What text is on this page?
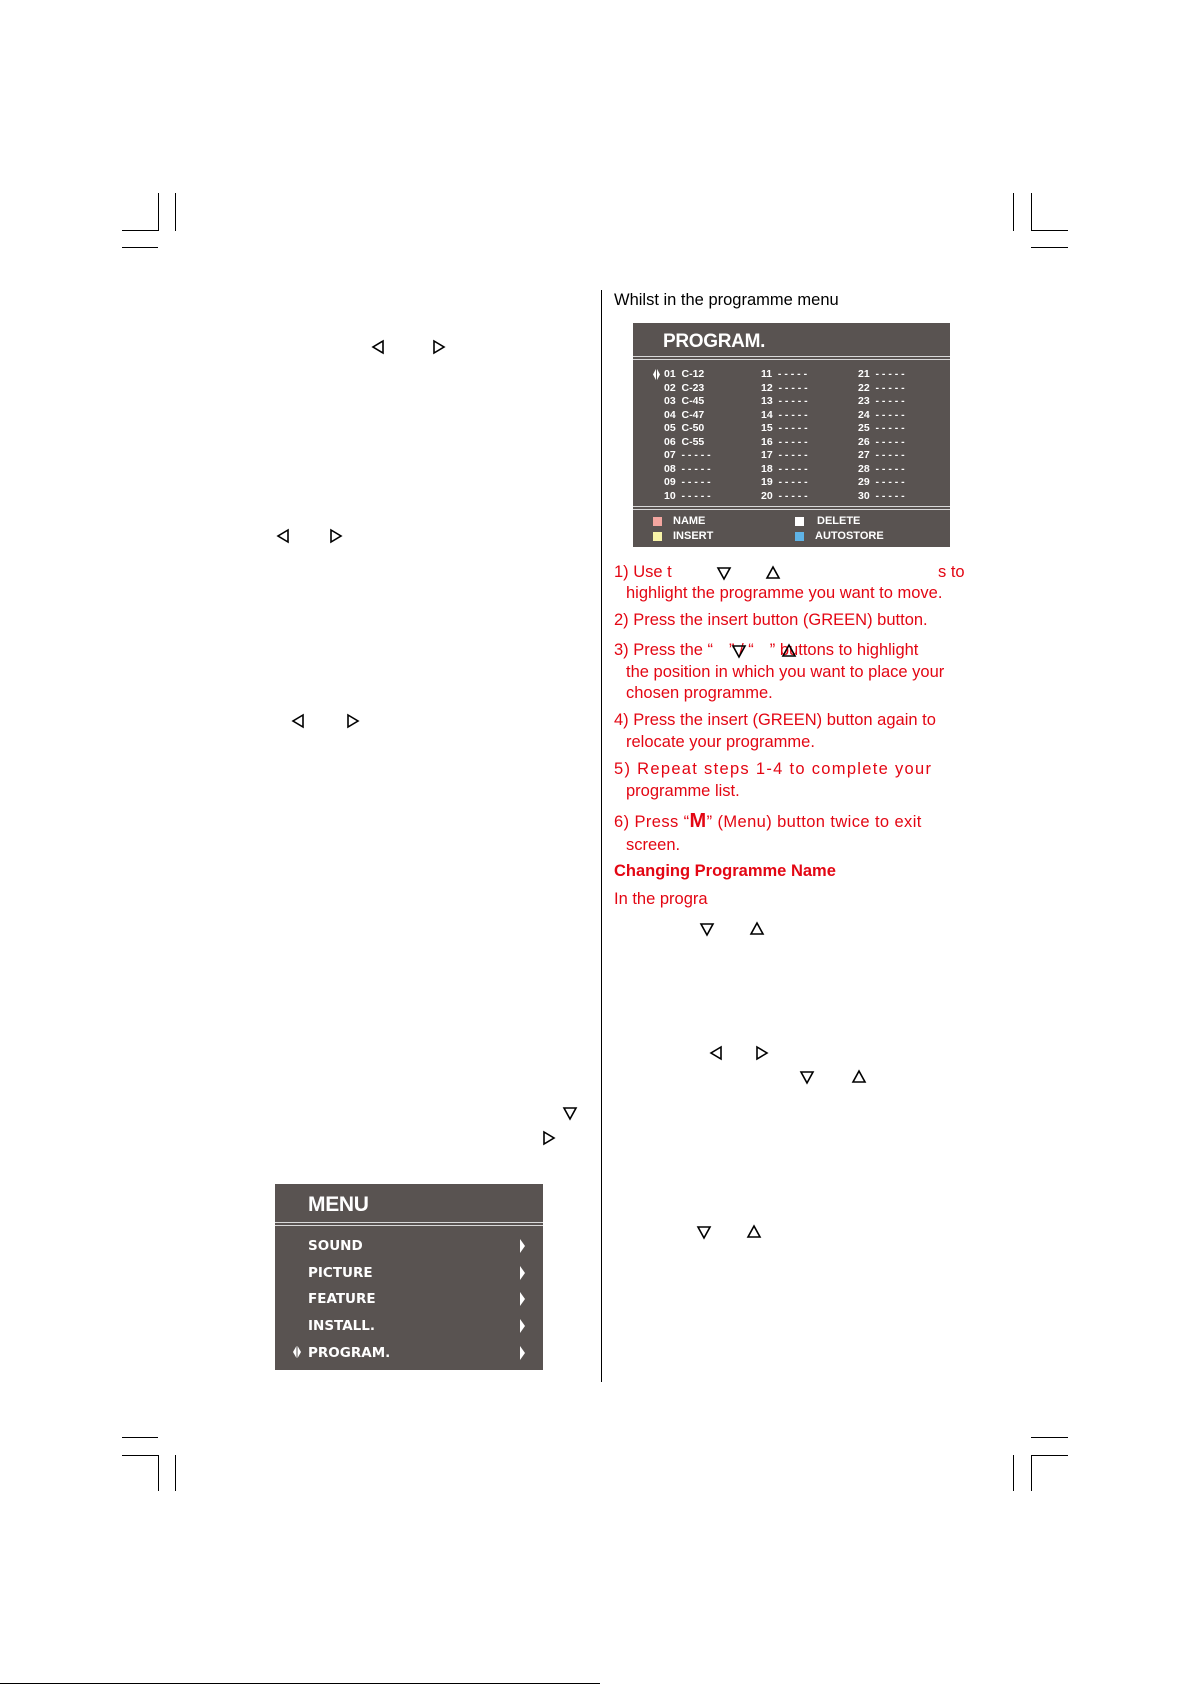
MENU
SOUND
PICTURE
FEATURE
INSTALL.
PROGRAM.
Whilst in the programme menu
PROGRAM.
01  C-12	11  - - - - -	21  - - - - -
02  C-23	12  - - - - -	22  - - - - -
03  C-45	13  - - - - -	23  - - - - -
04  C-47	14  - - - - -	24  - - - - -
05  C-50	15  - - - - -	25  - - - - -
06  C-55	16  - - - - -	26  - - - - -
07  - - - - -	17  - - - - -	27  - - - - -
08  - - - - -	18  - - - - -	28  - - - - -
09  - - - - -	19  - - - - -	29  - - - - -
10  - - - - -	20  - - - - -	30  - - - - -
NAME	DELETE
INSERT	AUTOSTORE
1) Use t	s to
highlight the programme you want to move.
2) Press the insert button (GREEN) button.
3) Press the “ ” / “ ” buttons to highlight
the position in which you want to place your
chosen programme.
4) Press the insert (GREEN) button again to
relocate your programme.
5) Repeat steps 1-4 to complete your
programme list.
6) Press “M” (Menu) button twice to exit
screen.
Changing Programme Name
In the progra
